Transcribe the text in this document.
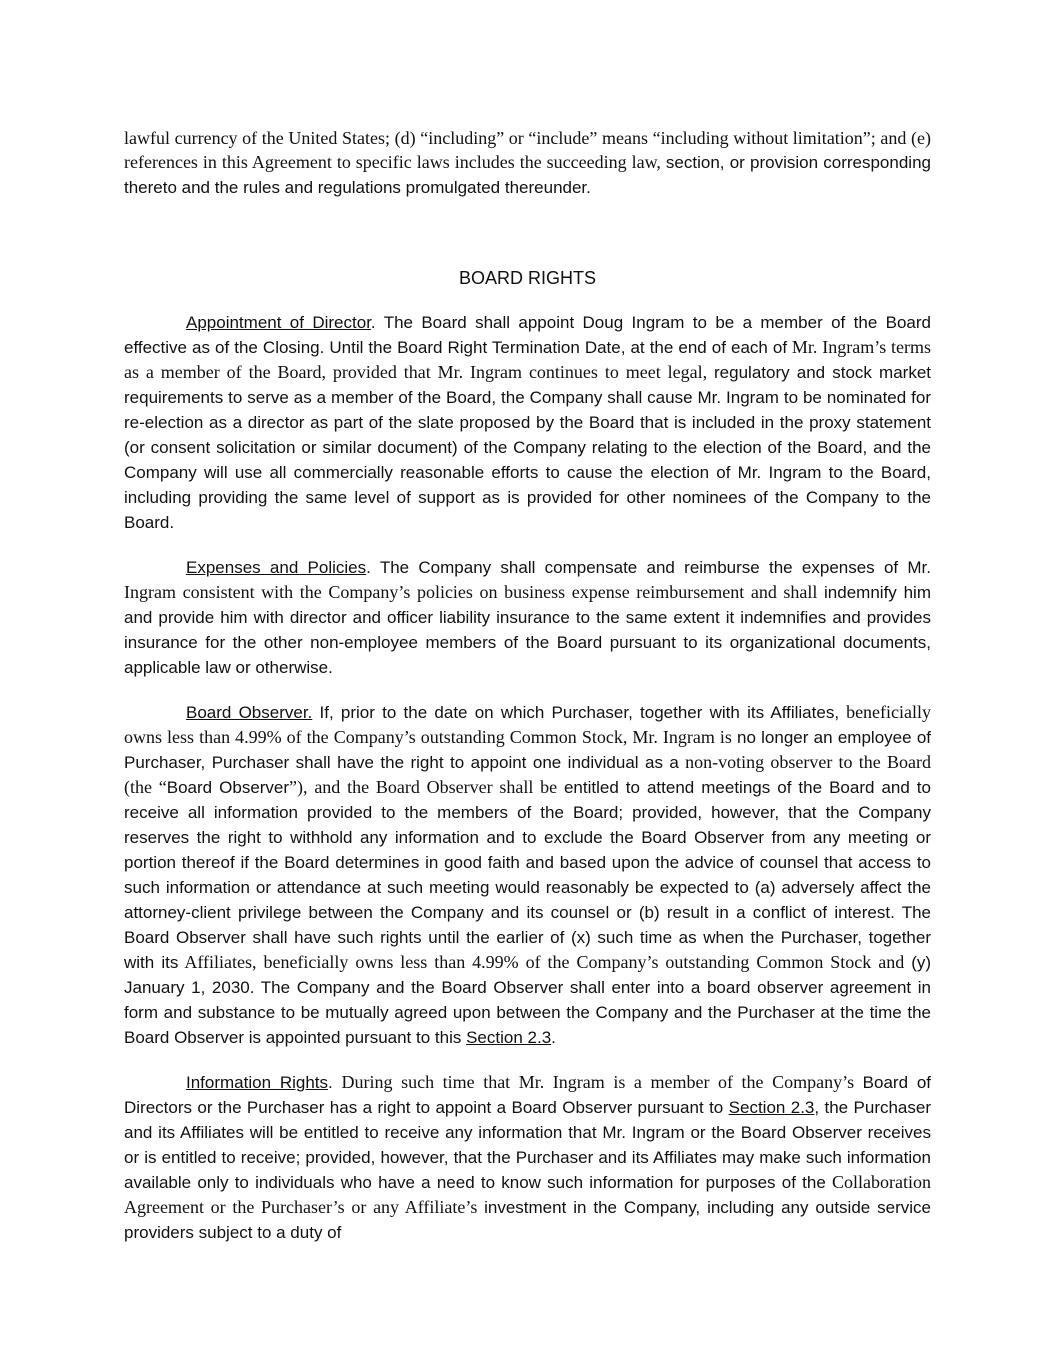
lawful currency of the United States; (d) “including” or “include” means “including without limitation”; and (e) references in this Agreement to specific laws includes the succeeding law, section, or provision corresponding thereto and the rules and regulations promulgated thereunder.

BOARD RIGHTS

Appointment of Director. The Board shall appoint Doug Ingram to be a member of the Board effective as of the Closing. Until the Board Right Termination Date, at the end of each of Mr. Ingram’s terms as a member of the Board, provided that Mr. Ingram continues to meet legal, regulatory and stock market requirements to serve as a member of the Board, the Company shall cause Mr. Ingram to be nominated for re-election as a director as part of the slate proposed by the Board that is included in the proxy statement (or consent solicitation or similar document) of the Company relating to the election of the Board, and the Company will use all commercially reasonable efforts to cause the election of Mr. Ingram to the Board, including providing the same level of support as is provided for other nominees of the Company to the Board.

Expenses and Policies. The Company shall compensate and reimburse the expenses of Mr. Ingram consistent with the Company’s policies on business expense reimbursement and shall indemnify him and provide him with director and officer liability insurance to the same extent it indemnifies and provides insurance for the other non-employee members of the Board pursuant to its organizational documents, applicable law or otherwise.

Board Observer. If, prior to the date on which Purchaser, together with its Affiliates, beneficially owns less than 4.99% of the Company’s outstanding Common Stock, Mr. Ingram is no longer an employee of Purchaser, Purchaser shall have the right to appoint one individual as a non-voting observer to the Board (the “Board Observer”), and the Board Observer shall be entitled to attend meetings of the Board and to receive all information provided to the members of the Board; provided, however, that the Company reserves the right to withhold any information and to exclude the Board Observer from any meeting or portion thereof if the Board determines in good faith and based upon the advice of counsel that access to such information or attendance at such meeting would reasonably be expected to (a) adversely affect the attorney-client privilege between the Company and its counsel or (b) result in a conflict of interest. The Board Observer shall have such rights until the earlier of (x) such time as when the Purchaser, together with its Affiliates, beneficially owns less than 4.99% of the Company’s outstanding Common Stock and (y) January 1, 2030. The Company and the Board Observer shall enter into a board observer agreement in form and substance to be mutually agreed upon between the Company and the Purchaser at the time the Board Observer is appointed pursuant to this Section 2.3.

Information Rights. During such time that Mr. Ingram is a member of the Company’s Board of Directors or the Purchaser has a right to appoint a Board Observer pursuant to Section 2.3, the Purchaser and its Affiliates will be entitled to receive any information that Mr. Ingram or the Board Observer receives or is entitled to receive; provided, however, that the Purchaser and its Affiliates may make such information available only to individuals who have a need to know such information for purposes of the Collaboration Agreement or the Purchaser’s or any Affiliate’s investment in the Company, including any outside service providers subject to a duty of
